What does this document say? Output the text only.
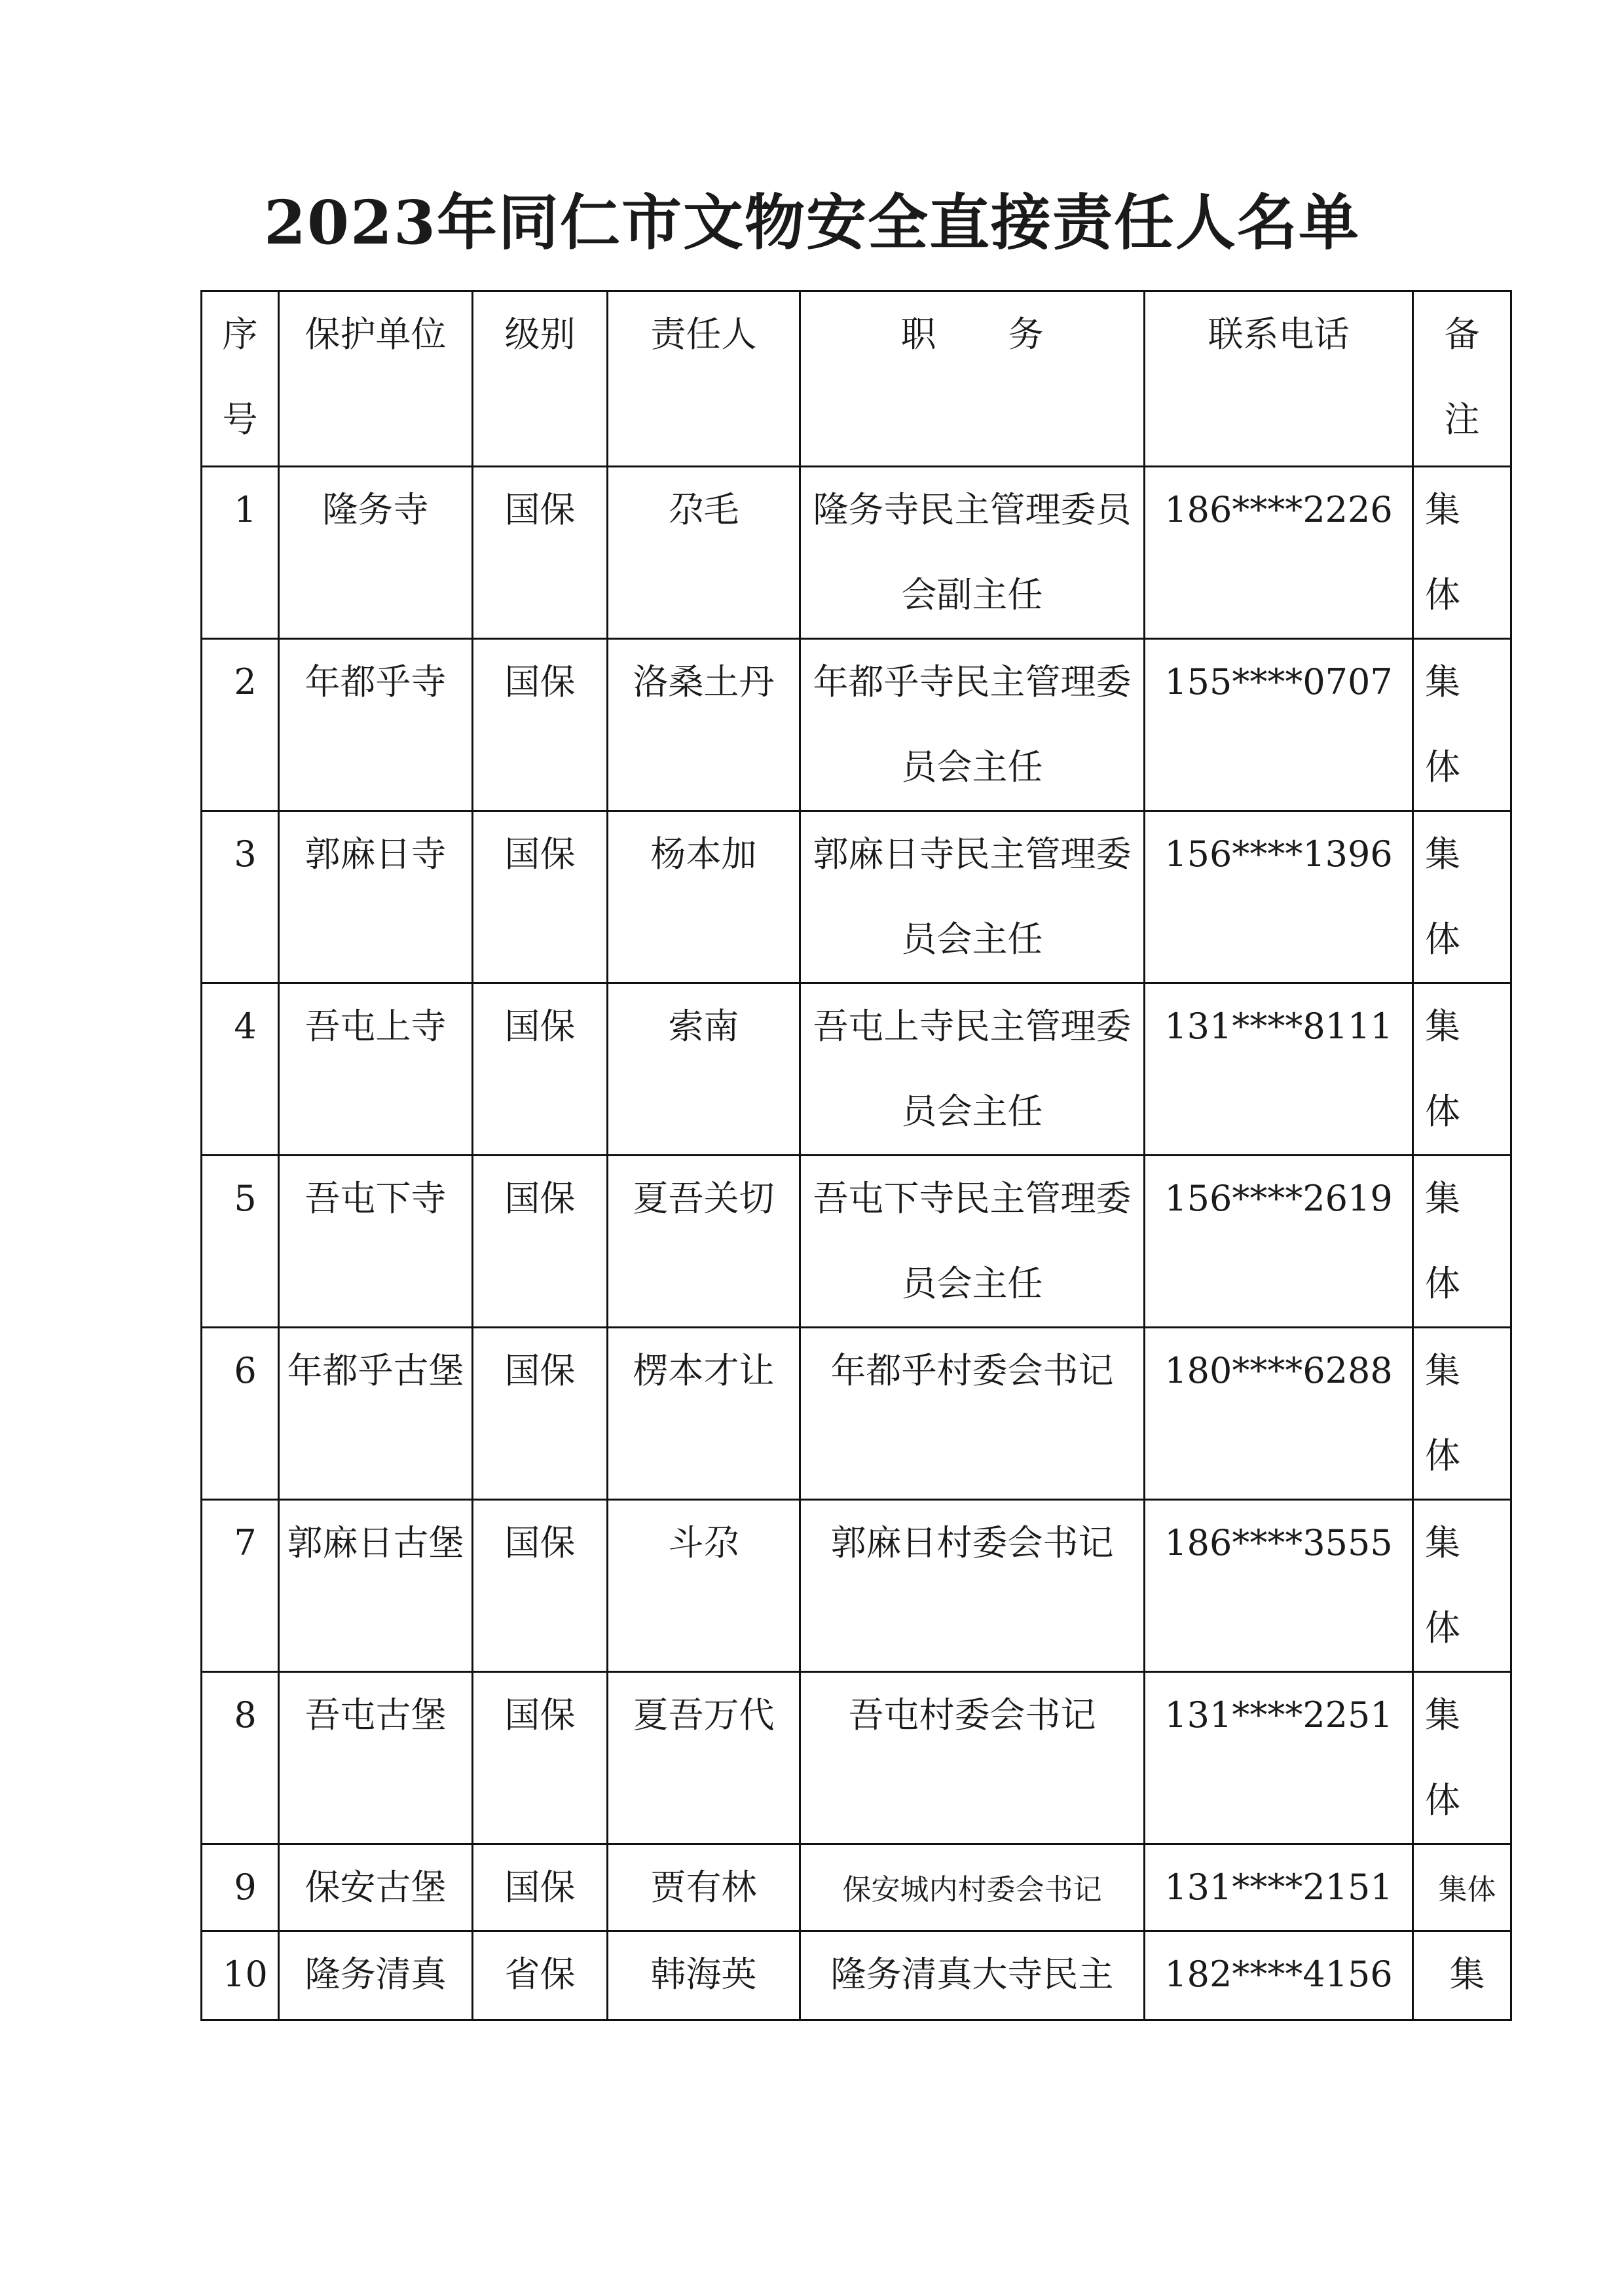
2023年同仁市文物安全直接责任人名单
序号	保护单位	级别	责任人	职务	联系电话	备注

1	隆务寺	国保	尕毛	隆务寺民主管理委员会副主任	186****2226	集体

2	年都乎寺	国保	洛桑土丹	年都乎寺民主管理委员会主任	155****0707	集体

3	郭麻日寺	国保	杨本加	郭麻日寺民主管理委员会主任	156****1396	集体

4	吾屯上寺	国保	索南	吾屯上寺民主管理委员会主任	131****8111	集体

5	吾屯下寺	国保	夏吾关切	吾屯下寺民主管理委员会主任	156****2619	集体

6	年都乎古堡	国保	楞本才让	年都乎村委会书记	180****6288	集体

7	郭麻日古堡	国保	斗尕	郭麻日村委会书记	186****3555	集体

8	吾屯古堡	国保	夏吾万代	吾屯村委会书记	131****2251	集体

9	保安古堡	国保	贾有林	保安城内村委会书记	131****2151	集体
10	隆务清真	省保	韩海英	隆务清真大寺民主	182****4156	集
